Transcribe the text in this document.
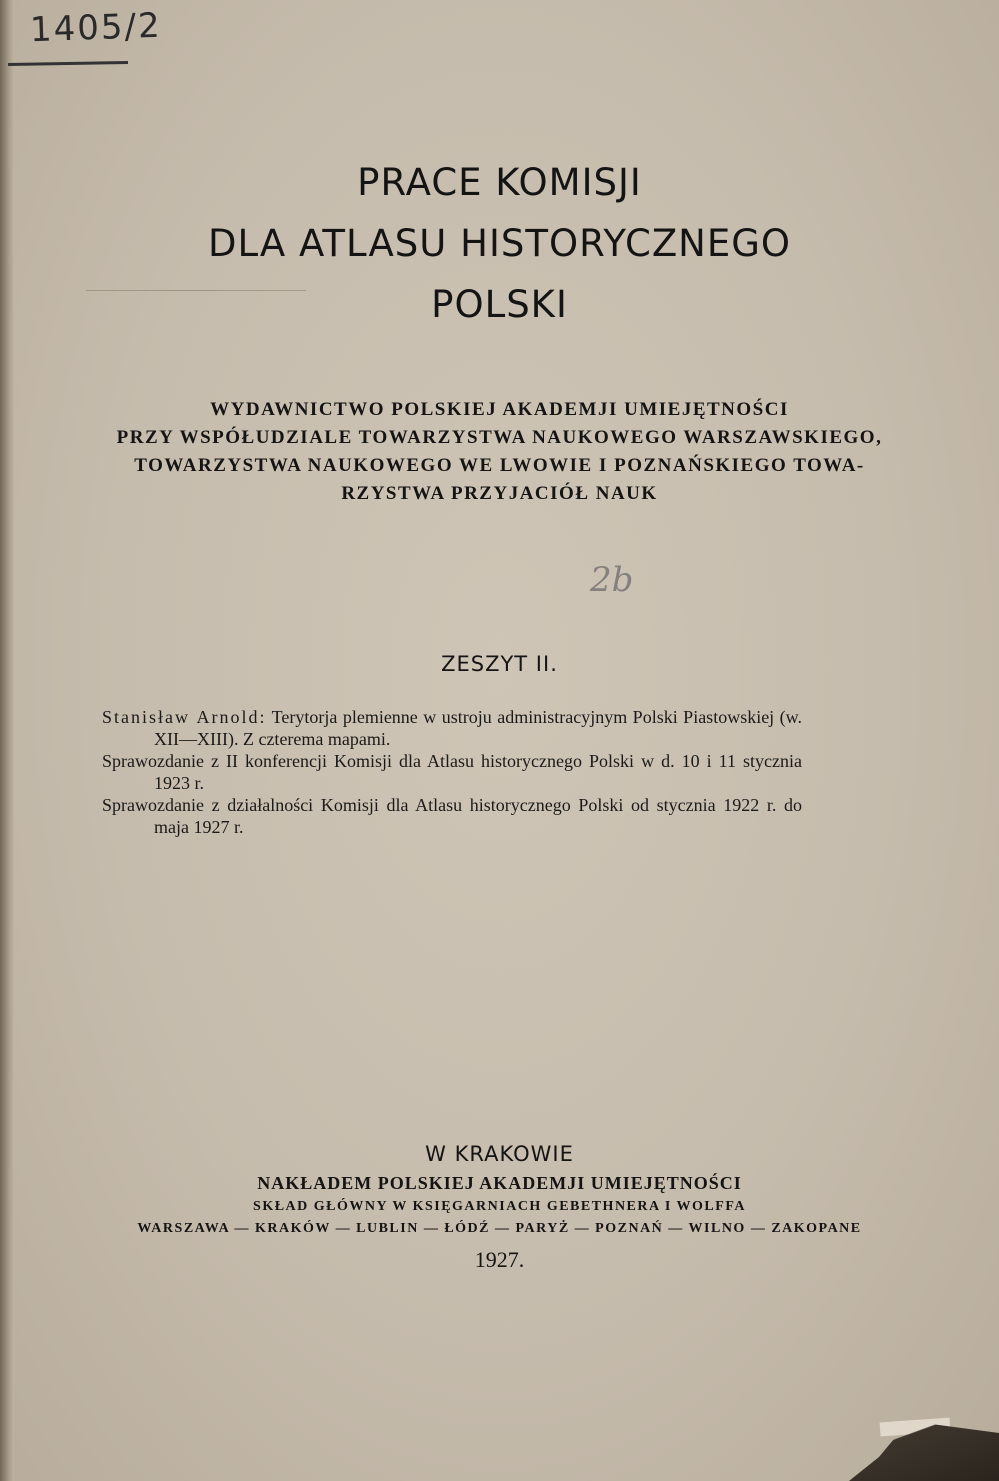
1405/2
PRACE KOMISJI
DLA ATLASU HISTORYCZNEGO
POLSKI
WYDAWNICTWO POLSKIEJ AKADEMJI UMIEJĘTNOŚCI
PRZY WSPÓŁUDZIALE TOWARZYSTWA NAUKOWEGO WARSZAWSKIEGO,
TOWARZYSTWA NAUKOWEGO WE LWOWIE I POZNAŃSKIEGO TOWA-
RZYSTWA PRZYJACIÓŁ NAUK
2b
ZESZYT II.

Stanisław Arnold: Terytorja plemienne w ustroju administracyjnym Polski Piastowskiej (w. XII—XIII). Z czterema mapami.

Sprawozdanie z II konferencji Komisji dla Atlasu historycznego Polski w d. 10 i 11 stycznia 1923 r.

Sprawozdanie z działalności Komisji dla Atlasu historycznego Polski od stycznia 1922 r. do maja 1927 r.

W KRAKOWIE
NAKŁADEM POLSKIEJ AKADEMJI UMIEJĘTNOŚCI
SKŁAD GŁÓWNY W KSIĘGARNIACH GEBETHNERA I WOLFFA
WARSZAWA — KRAKÓW — LUBLIN — ŁÓDŹ — PARYŻ — POZNAŃ — WILNO — ZAKOPANE
1927.
